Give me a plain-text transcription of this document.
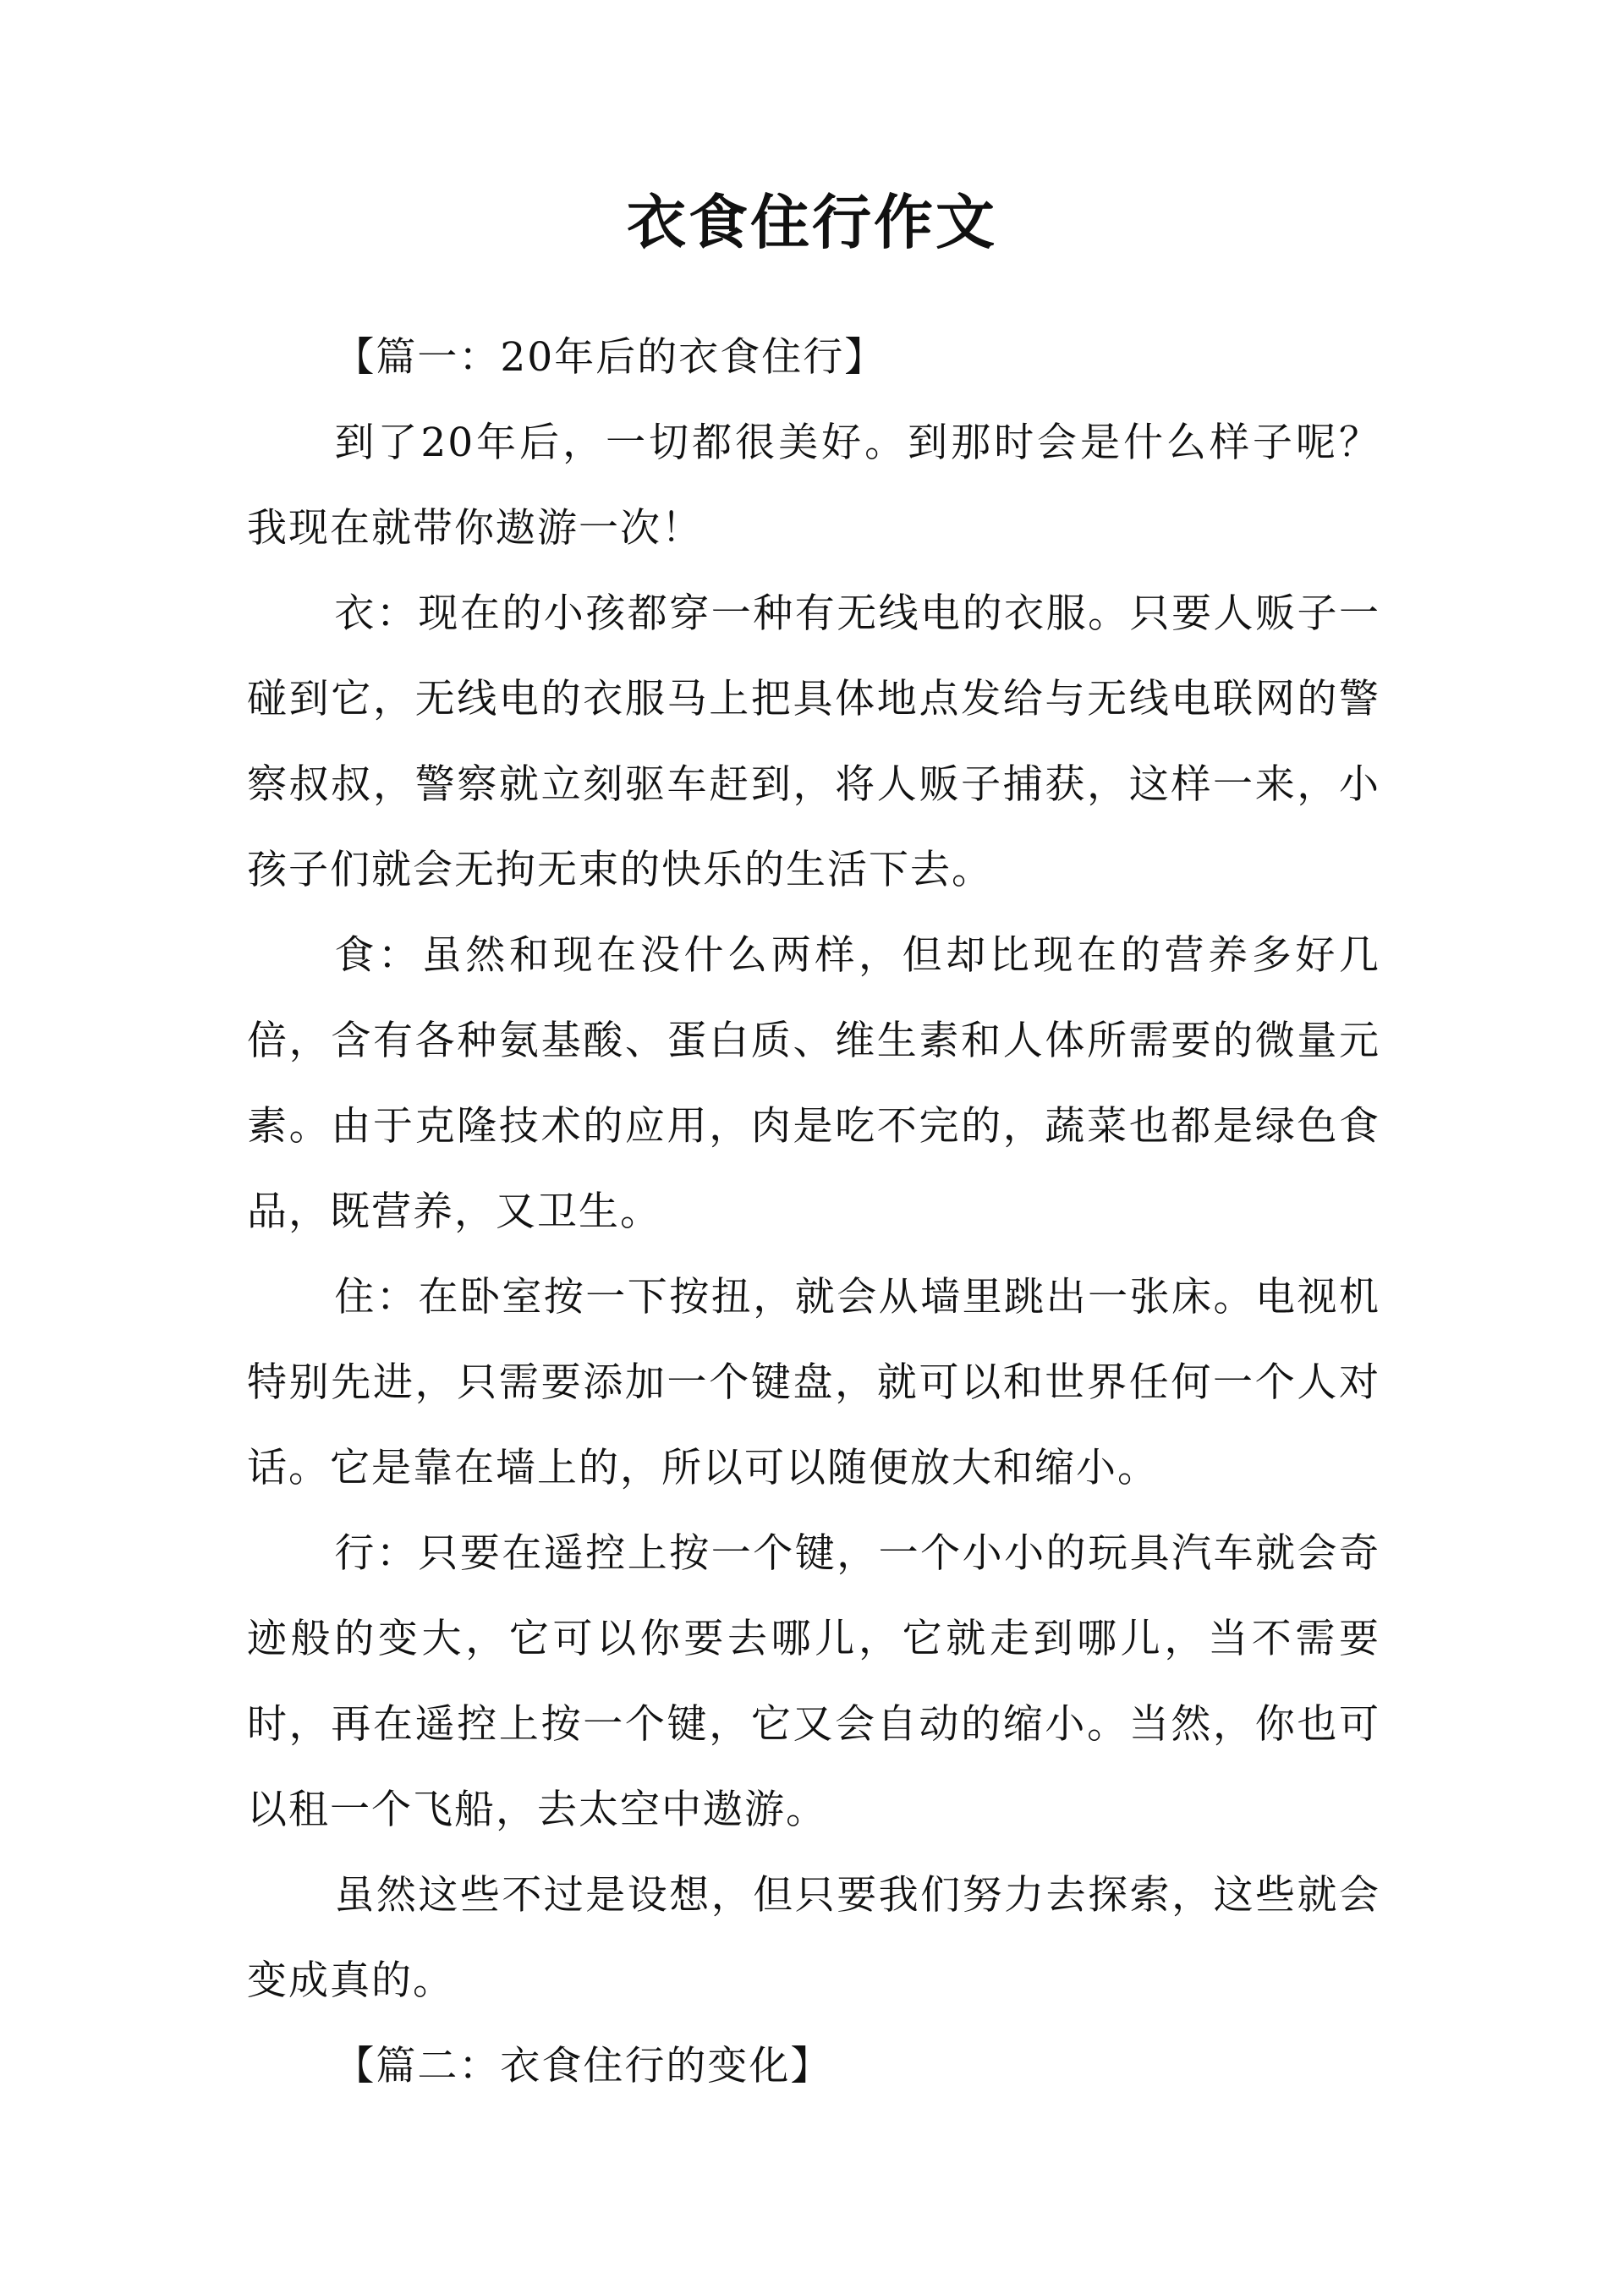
衣食住行作文

【篇一：20年后的衣食住行】

到了20年后，一切都很美好。到那时会是什么样子呢？我现在就带你遨游一次！

衣：现在的小孩都穿一种有无线电的衣服。只要人贩子一碰到它，无线电的衣服马上把具体地点发给与无线电联网的警察叔叔，警察就立刻驱车赶到，将人贩子捕获，这样一来，小孩子们就会无拘无束的快乐的生活下去。

食：虽然和现在没什么两样，但却比现在的营养多好几倍，含有各种氨基酸、蛋白质、维生素和人体所需要的微量元素。由于克隆技术的应用，肉是吃不完的，蔬菜也都是绿色食品，既营养，又卫生。

住：在卧室按一下按扭，就会从墙里跳出一张床。电视机特别先进，只需要添加一个键盘，就可以和世界任何一个人对话。它是靠在墙上的，所以可以随便放大和缩小。

行：只要在遥控上按一个键，一个小小的玩具汽车就会奇迹般的变大，它可以你要去哪儿，它就走到哪儿，当不需要时，再在遥控上按一个键，它又会自动的缩小。当然，你也可以租一个飞船，去太空中遨游。

虽然这些不过是设想，但只要我们努力去探索，这些就会变成真的。

【篇二：衣食住行的变化】
